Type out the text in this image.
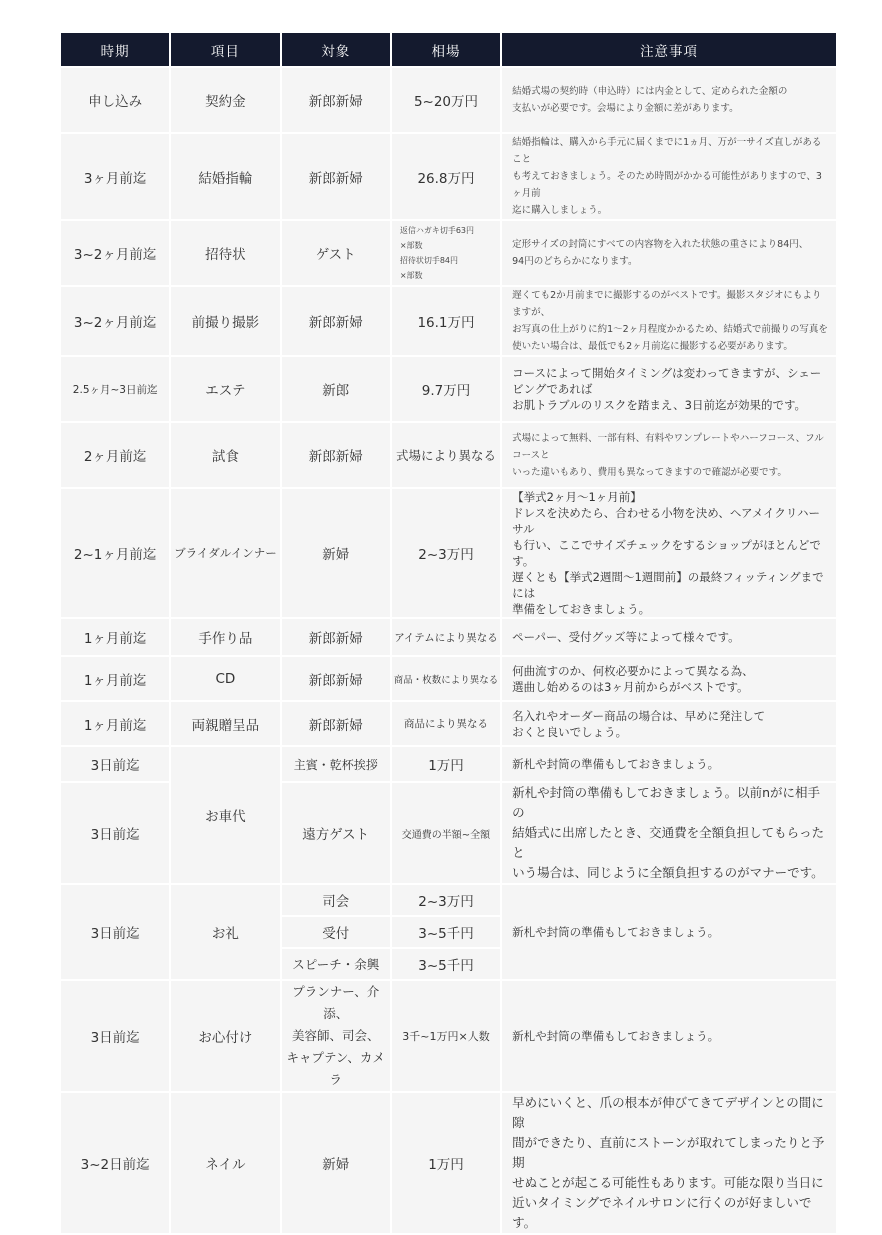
時期	項目	対象	相場	注意事項
申し込み	契約金	新郎新婦	5~20万円	結婚式場の契約時（申込時）には内金として、定められた金額の
支払いが必要です。会場により金額に差があります。
3ヶ月前迄	結婚指輪	新郎新婦	26.8万円	結婚指輪は、購入から手元に届くまでに1ヵ月、万が一サイズ直しがあること
も考えておきましょう。そのため時間がかかる可能性がありますので、3ヶ月前
迄に購入しましょう。
3~2ヶ月前迄	招待状	ゲスト	返信ハガキ切手63円
×部数
招待状切手84円
×部数	定形サイズの封筒にすべての内容物を入れた状態の重さにより84円、
94円のどちらかになります。
3~2ヶ月前迄	前撮り撮影	新郎新婦	16.1万円	遅くても2か月前までに撮影するのがベストです。撮影スタジオにもよりますが、
お写真の仕上がりに約1～2ヶ月程度かかるため、結婚式で前撮りの写真を
使いたい場合は、最低でも2ヶ月前迄に撮影する必要があります。
2.5ヶ月~3日前迄	エステ	新郎	9.7万円	コースによって開始タイミングは変わってきますが、シェービングであれば
お肌トラブルのリスクを踏まえ、3日前迄が効果的です。
2ヶ月前迄	試食	新郎新婦	式場により異なる	式場によって無料、一部有料、有料やワンプレートやハーフコース、フルコースと
いった違いもあり、費用も異なってきますので確認が必要です。
2~1ヶ月前迄	ブライダルインナー	新婦	2~3万円	【挙式2ヶ月〜1ヶ月前】
ドレスを決めたら、合わせる小物を決め、ヘアメイクリハーサル
も行い、ここでサイズチェックをするショップがほとんどです。
遅くとも【挙式2週間〜1週間前】の最終フィッティングまでには
準備をしておきましょう。
1ヶ月前迄	手作り品	新郎新婦	アイテムにより異なる	ペーパー、受付グッズ等によって様々です。
1ヶ月前迄	CD	新郎新婦	商品・枚数により異なる	何曲流すのか、何枚必要かによって異なる為、
選曲し始めるのは3ヶ月前からがベストです。
1ヶ月前迄	両親贈呈品	新郎新婦	商品により異なる	名入れやオーダー商品の場合は、早めに発注して
おくと良いでしょう。
3日前迄	お車代	主賓・乾杯挨拶	1万円	新札や封筒の準備もしておきましょう。
3日前迄		遠方ゲスト	交通費の半額~全額	新札や封筒の準備もしておきましょう。以前nがに相手の
結婚式に出席したとき、交通費を全額負担してもらったと
いう場合は、同じように全額負担するのがマナーです。
3日前迄	お礼	司会	2~3万円	新札や封筒の準備もしておきましょう。
		受付	3~5千円	
		スピーチ・余興	3~5千円	
3日前迄	お心付け	プランナー、介添、
美容師、司会、
キャプテン、カメラ	3千~1万円×人数	新札や封筒の準備もしておきましょう。
3~2日前迄	ネイル	新婦	1万円	早めにいくと、爪の根本が伸びてきてデザインとの間に隙
間ができたり、直前にストーンが取れてしまったりと予期
せぬことが起こる可能性もあります。可能な限り当日に
近いタイミングでネイルサロンに行くのが好ましいです。
